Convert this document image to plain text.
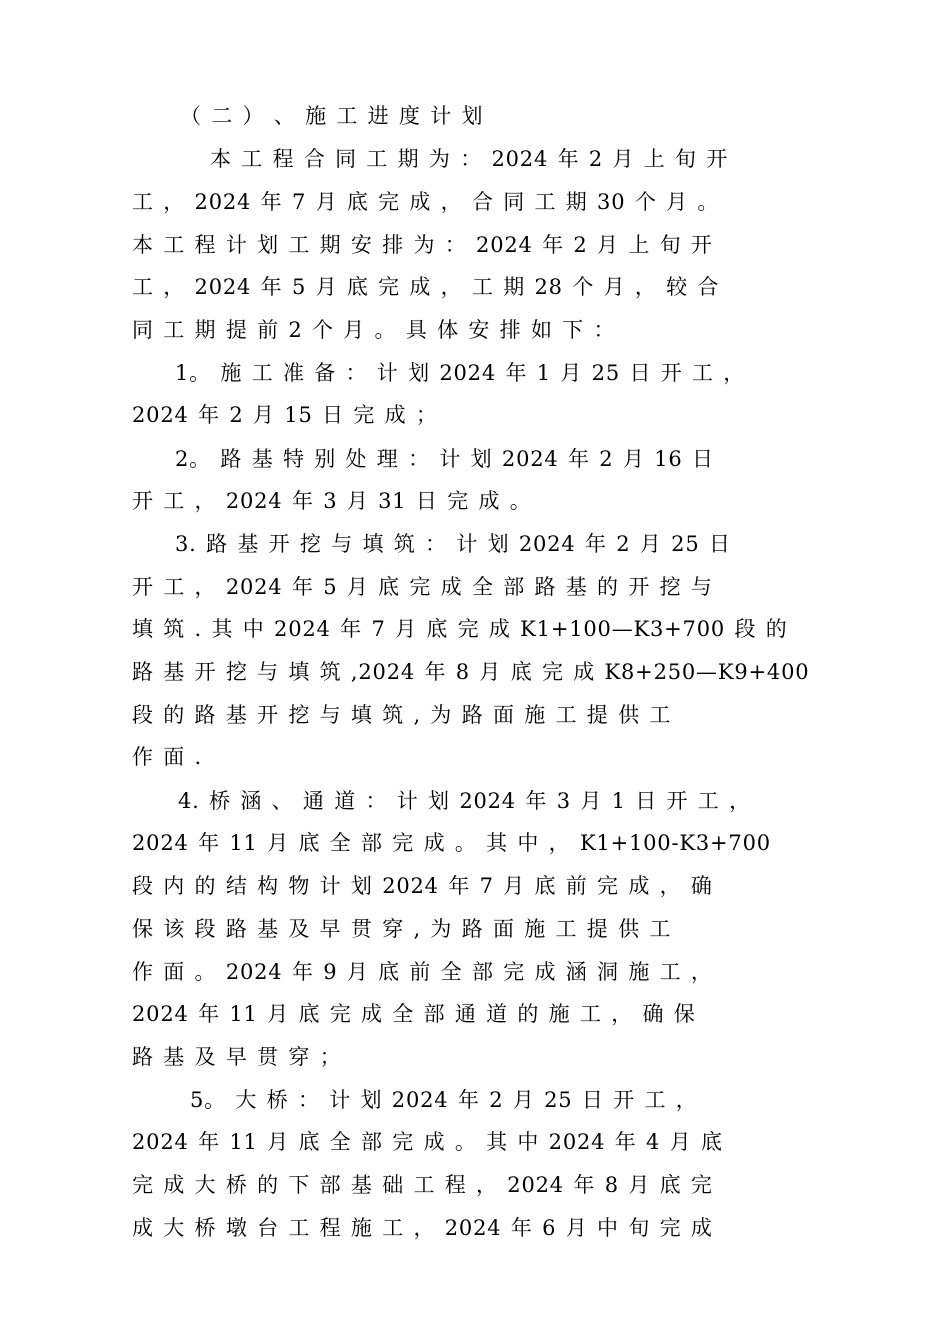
（ 二 ） 、 施 工 进 度 计 划
本 工 程 合 同 工 期 为 ： 2024 年 2 月 上 旬 开
工 ， 2024 年 7 月 底 完 成 ， 合 同 工 期 30 个 月 。
本 工 程 计 划 工 期 安 排 为 ： 2024 年 2 月 上 旬 开
工 ， 2024 年 5 月 底 完 成 ， 工 期 28 个 月 ， 较 合
同 工 期 提 前 2 个 月 。 具 体 安 排 如 下 ：
1。 施 工 准 备 ： 计 划 2024 年 1 月 25 日 开 工 ，
2024 年 2 月 15 日 完 成 ；
2。 路 基 特 别 处 理 ： 计 划 2024 年 2 月 16 日
开 工 ， 2024 年 3 月 31 日 完 成 。
3. 路 基 开 挖 与 填 筑 ： 计 划 2024 年 2 月 25 日
开 工 ， 2024 年 5 月 底 完 成 全 部 路 基 的 开 挖 与
填 筑 . 其 中 2024 年 7 月 底 完 成 K1+100—K3+700 段 的
路 基 开 挖 与 填 筑 ,2024 年 8 月 底 完 成 K8+250—K9+400
段 的 路 基 开 挖 与 填 筑 , 为 路 面 施 工 提 供 工
作 面 .
4. 桥 涵 、 通 道 ： 计 划 2024 年 3 月 1 日 开 工 ，
2024 年 11 月 底 全 部 完 成 。 其 中 ， K1+100-K3+700
段 内 的 结 构 物 计 划 2024 年 7 月 底 前 完 成 ， 确
保 该 段 路 基 及 早 贯 穿 , 为 路 面 施 工 提 供 工
作 面 。 2024 年 9 月 底 前 全 部 完 成 涵 洞 施 工 ，
2024 年 11 月 底 完 成 全 部 通 道 的 施 工 ， 确 保
路 基 及 早 贯 穿 ；
5。 大 桥 ： 计 划 2024 年 2 月 25 日 开 工 ，
2024 年 11 月 底 全 部 完 成 。 其 中 2024 年 4 月 底
完 成 大 桥 的 下 部 基 础 工 程 ， 2024 年 8 月 底 完
成 大 桥 墩 台 工 程 施 工 ， 2024 年 6 月 中 旬 完 成
